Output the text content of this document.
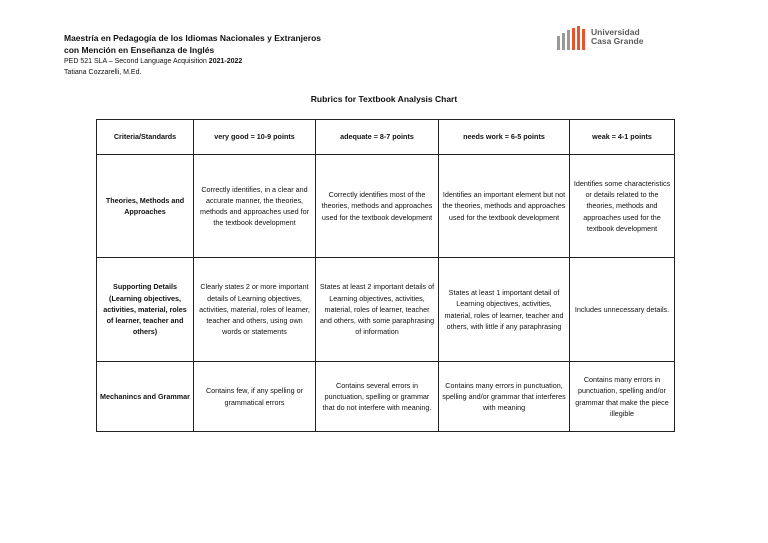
Maestría en Pedagogía de los Idiomas Nacionales y Extranjeros
con Mención en Enseñanza de Inglés
PED 521 SLA – Second Language Acquisition 2021-2022
Tatiana Cozzarelli, M.Ed.
Universidad
Casa Grande
Rubrics for Textbook Analysis Chart
Criteria/Standards	very good = 10-9 points	adequate = 8-7 points	needs work = 6-5 points	weak = 4-1 points
Theories, Methods and Approaches	Correctly identifies, in a clear and accurate manner, the theories, methods and approaches used for the textbook development	Correctly identifies most of the theories, methods and approaches used for the textbook development	Identifies an important element but not the theories, methods and approaches used for the textbook development	Identifies some characteristics or details related to the theories, methods and approaches used for the textbook development
Supporting Details (Learning objectives, activities, material, roles of learner, teacher and others)	Clearly states 2 or more important details of Learning objectives, activities, material, roles of learner, teacher and others, using own words or statements	States at least 2 important details of Learning objectives, activities, material, roles of learner, teacher and others, with some paraphrasing of information	States at least 1 important detail of Learning objectives, activities, material, roles of learner, teacher and others, with little if any paraphrasing	Includes unnecessary details.
Mechanincs and Grammar	Contains few, if any spelling or grammatical errors	Contains several errors in punctuation, spelling or grammar that do not interfere with meaning.	Contains many errors in punctuation, spelling and/or grammar that interferes with meaning	Contains many errors in punctuation, spelling and/or grammar that make the piece illegible
